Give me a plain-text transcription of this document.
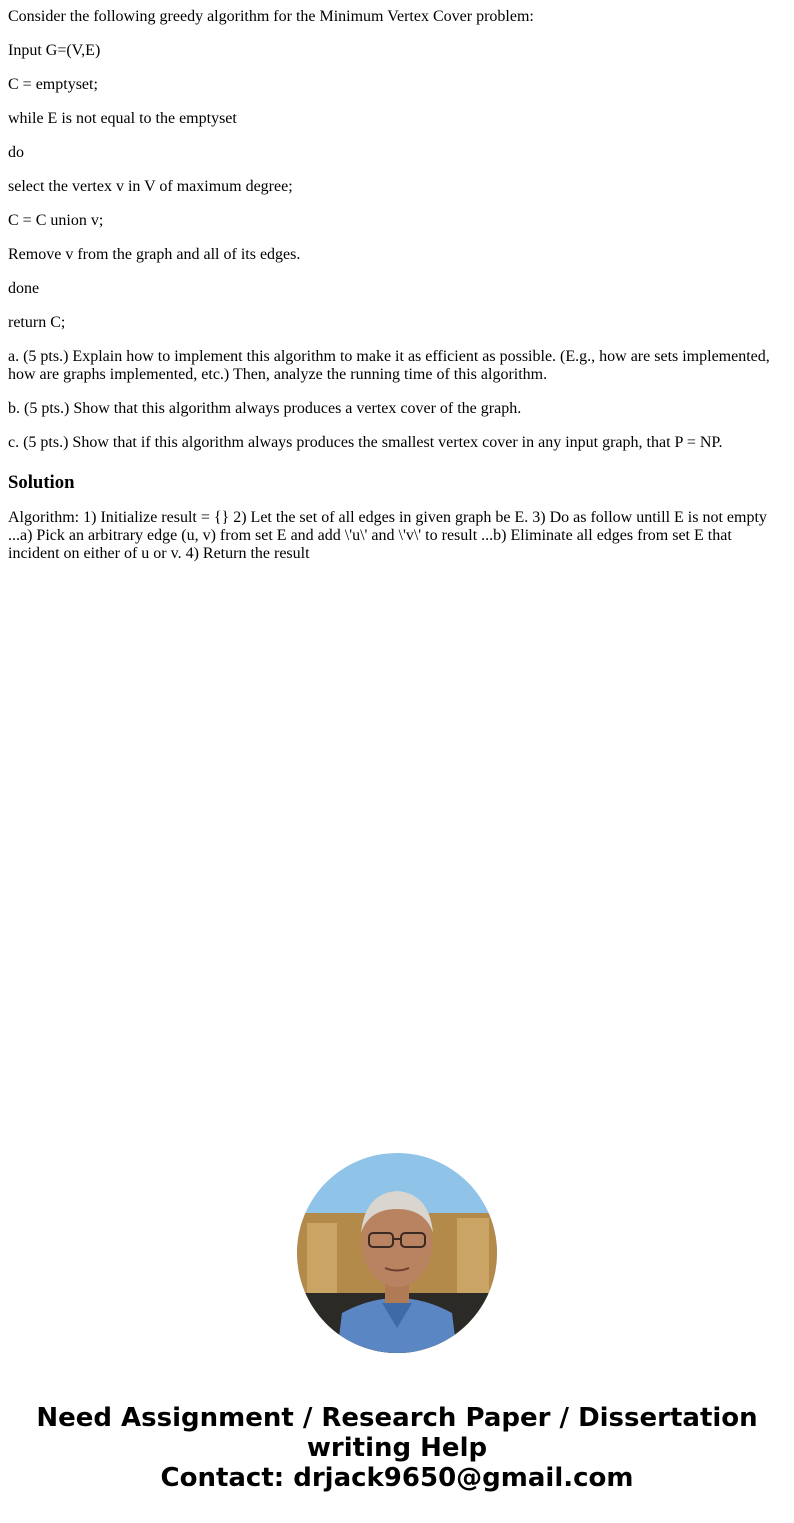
Consider the following greedy algorithm for the Minimum Vertex Cover problem:

Input G=(V,E)

C = emptyset;

while E is not equal to the emptyset

do

select the vertex v in V of maximum degree;

C = C union v;

Remove v from the graph and all of its edges.

done

return C;

a. (5 pts.) Explain how to implement this algorithm to make it as efficient as possible. (E.g., how are sets implemented, how are graphs implemented, etc.) Then, analyze the running time of this algorithm.

b. (5 pts.) Show that this algorithm always produces a vertex cover of the graph.

c. (5 pts.) Show that if this algorithm always produces the smallest vertex cover in any input graph, that P = NP.

Solution

Algorithm: 1) Initialize result = {} 2) Let the set of all edges in given graph be E. 3) Do as follow untill E is not empty ...a) Pick an arbitrary edge (u, v) from set E and add \'u\' and \'v\' to result ...b) Eliminate all edges from set E that incident on either of u or v. 4) Return the result

Need Assignment / Research Paper / Dissertation
writing Help
Contact: drjack9650@gmail.com
